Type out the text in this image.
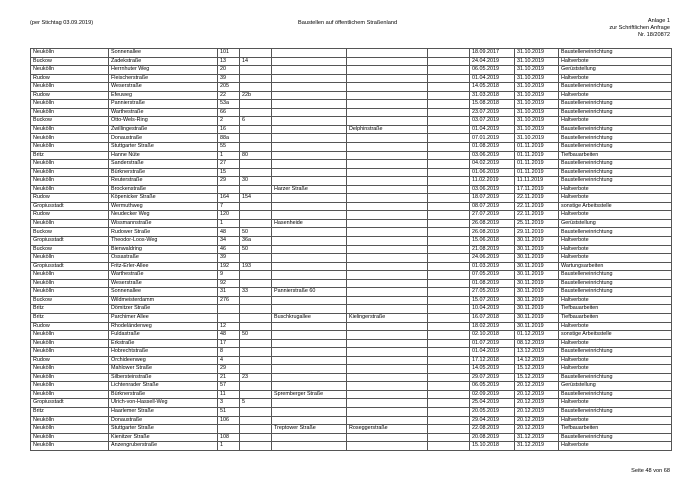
(per Stichtag 03.09.2019)	Baustellen auf öffentlichem Straßenland	Anlage 1
zur Schriftlichen Anfrage
Nr. 18/20872
Neukölln	Sonnenallee	101					18.09.2017	31.10.2019	Baustelleneinrichtung
Buckow	Zadekstraße	13	14				24.04.2019	31.10.2019	Haltverbote
Neukölln	Herrnhuter Weg	20					06.05.2019	31.10.2019	Gerüststellung
Rudow	Fleischerstraße	39					01.04.2019	31.10.2019	Haltverbote
Neukölln	Weserstraße	205					14.05.2018	31.10.2019	Baustelleneinrichtung
Rudow	Efeuweg	22	22b				31.03.2018	31.10.2019	Haltverbote
Neukölln	Pannierstraße	53a					15.08.2018	31.10.2019	Baustelleneinrichtung
Neukölln	Warthestraße	66					23.07.2019	31.10.2019	Baustelleneinrichtung
Buckow	Otto-Wels-Ring	2	6				03.07.2019	31.10.2019	Haltverbote
Neukölln	Zwillingestraße	16			Delphinstraße		01.04.2019	31.10.2019	Baustelleneinrichtung
Neukölln	Donaustraße	88a					07.01.2019	31.10.2019	Baustelleneinrichtung
Neukölln	Stuttgarter Straße	55					01.08.2019	01.11.2019	Baustelleneinrichtung
Britz	Hanne Nüte	1	80				03.06.2019	01.11.2019	Tiefbauarbeiten
Neukölln	Sanderstraße	27					04.02.2019	01.11.2019	Baustelleneinrichtung
Neukölln	Bürknerstraße	15					01.06.2019	01.11.2019	Baustelleneinrichtung
Neukölln	Reuterstraße	29	30				11.02.2019	11.11.2019	Baustelleneinrichtung
Neukölln	Brockenstraße			Harzer Straße			03.06.2019	17.11.2019	Haltverbote
Rudow	Köpenicker Straße	164	154				18.07.2019	22.11.2019	Haltverbote
Gropiusstadt	Wermuthweg	7					08.07.2019	22.11.2019	sonstige Arbeitsstelle
Rudow	Neudecker Weg	120					27.07.2019	22.11.2019	Haltverbote
Neukölln	Wissmannstraße	1		Hasenheide			26.08.2019	25.11.2019	Gerüststellung
Buckow	Rudower Straße	48	50				26.08.2019	29.11.2019	Baustelleneinrichtung
Gropiusstadt	Theodor-Loos-Weg	34	36a				15.06.2018	30.11.2019	Haltverbote
Buckow	Bienwaldring	46	50				21.08.2019	30.11.2019	Haltverbote
Neukölln	Ossastraße	39					24.06.2019	30.11.2019	Haltverbote
Gropiusstadt	Fritz-Erler-Allee	192	193				01.03.2019	30.11.2019	Wartungsarbeiten
Neukölln	Warthestraße	9					07.05.2019	30.11.2019	Baustelleneinrichtung
Neukölln	Weserstraße	92					01.08.2019	30.11.2019	Baustelleneinrichtung
Neukölln	Sonnenallee	31	33	Pannierstraße 60			27.05.2019	30.11.2019	Baustelleneinrichtung
Buckow	Wildmeisterdamm	276					15.07.2019	30.11.2019	Haltverbote
Britz	Dömitzer Straße						10.04.2019	30.11.2019	Tiefbauarbeiten
Britz	Parchimer Allee			Buschkrugallee	Kielingerstraße		16.07.2018	30.11.2019	Tiefbauarbeiten
Rudow	Rhodeländerweg	12					18.02.2019	30.11.2019	Haltverbote
Neukölln	Fuldastraße	48	50				02.10.2018	01.12.2019	sonstige Arbeitsstelle
Neukölln	Erkstraße	17					01.07.2019	08.12.2019	Haltverbote
Neukölln	Hobrechtstraße	8					01.04.2019	13.12.2019	Baustelleneinrichtung
Rudow	Orchideenweg	4					17.12.2018	14.12.2019	Haltverbote
Neukölln	Mahlower Straße	29					14.05.2019	15.12.2019	Haltverbote
Neukölln	Silbersteinstraße	21	23				29.07.2019	15.12.2019	Baustelleneinrichtung
Neukölln	Lichtenrader Straße	57					06.05.2019	20.12.2019	Gerüststellung
Neukölln	Bürknerstraße	11		Spremberger Straße			02.09.2019	20.12.2019	Baustelleneinrichtung
Gropiusstadt	Ulrich-von-Hassell-Weg	3	5				25.04.2019	20.12.2019	Haltverbote
Britz	Haarlemer Straße	51					20.05.2019	20.12.2019	Baustelleneinrichtung
Neukölln	Donaustraße	106					29.04.2019	20.12.2019	Haltverbote
Neukölln	Stuttgarter Straße			Treptower Straße	Roseggerstraße		22.08.2019	20.12.2019	Tiefbauarbeiten
Neukölln	Kienitzer Straße	108					20.08.2019	31.12.2019	Baustelleneinrichtung
Neukölln	Anzengruberstraße	1					15.10.2018	31.12.2019	Haltverbote
Seite 48 von 68
